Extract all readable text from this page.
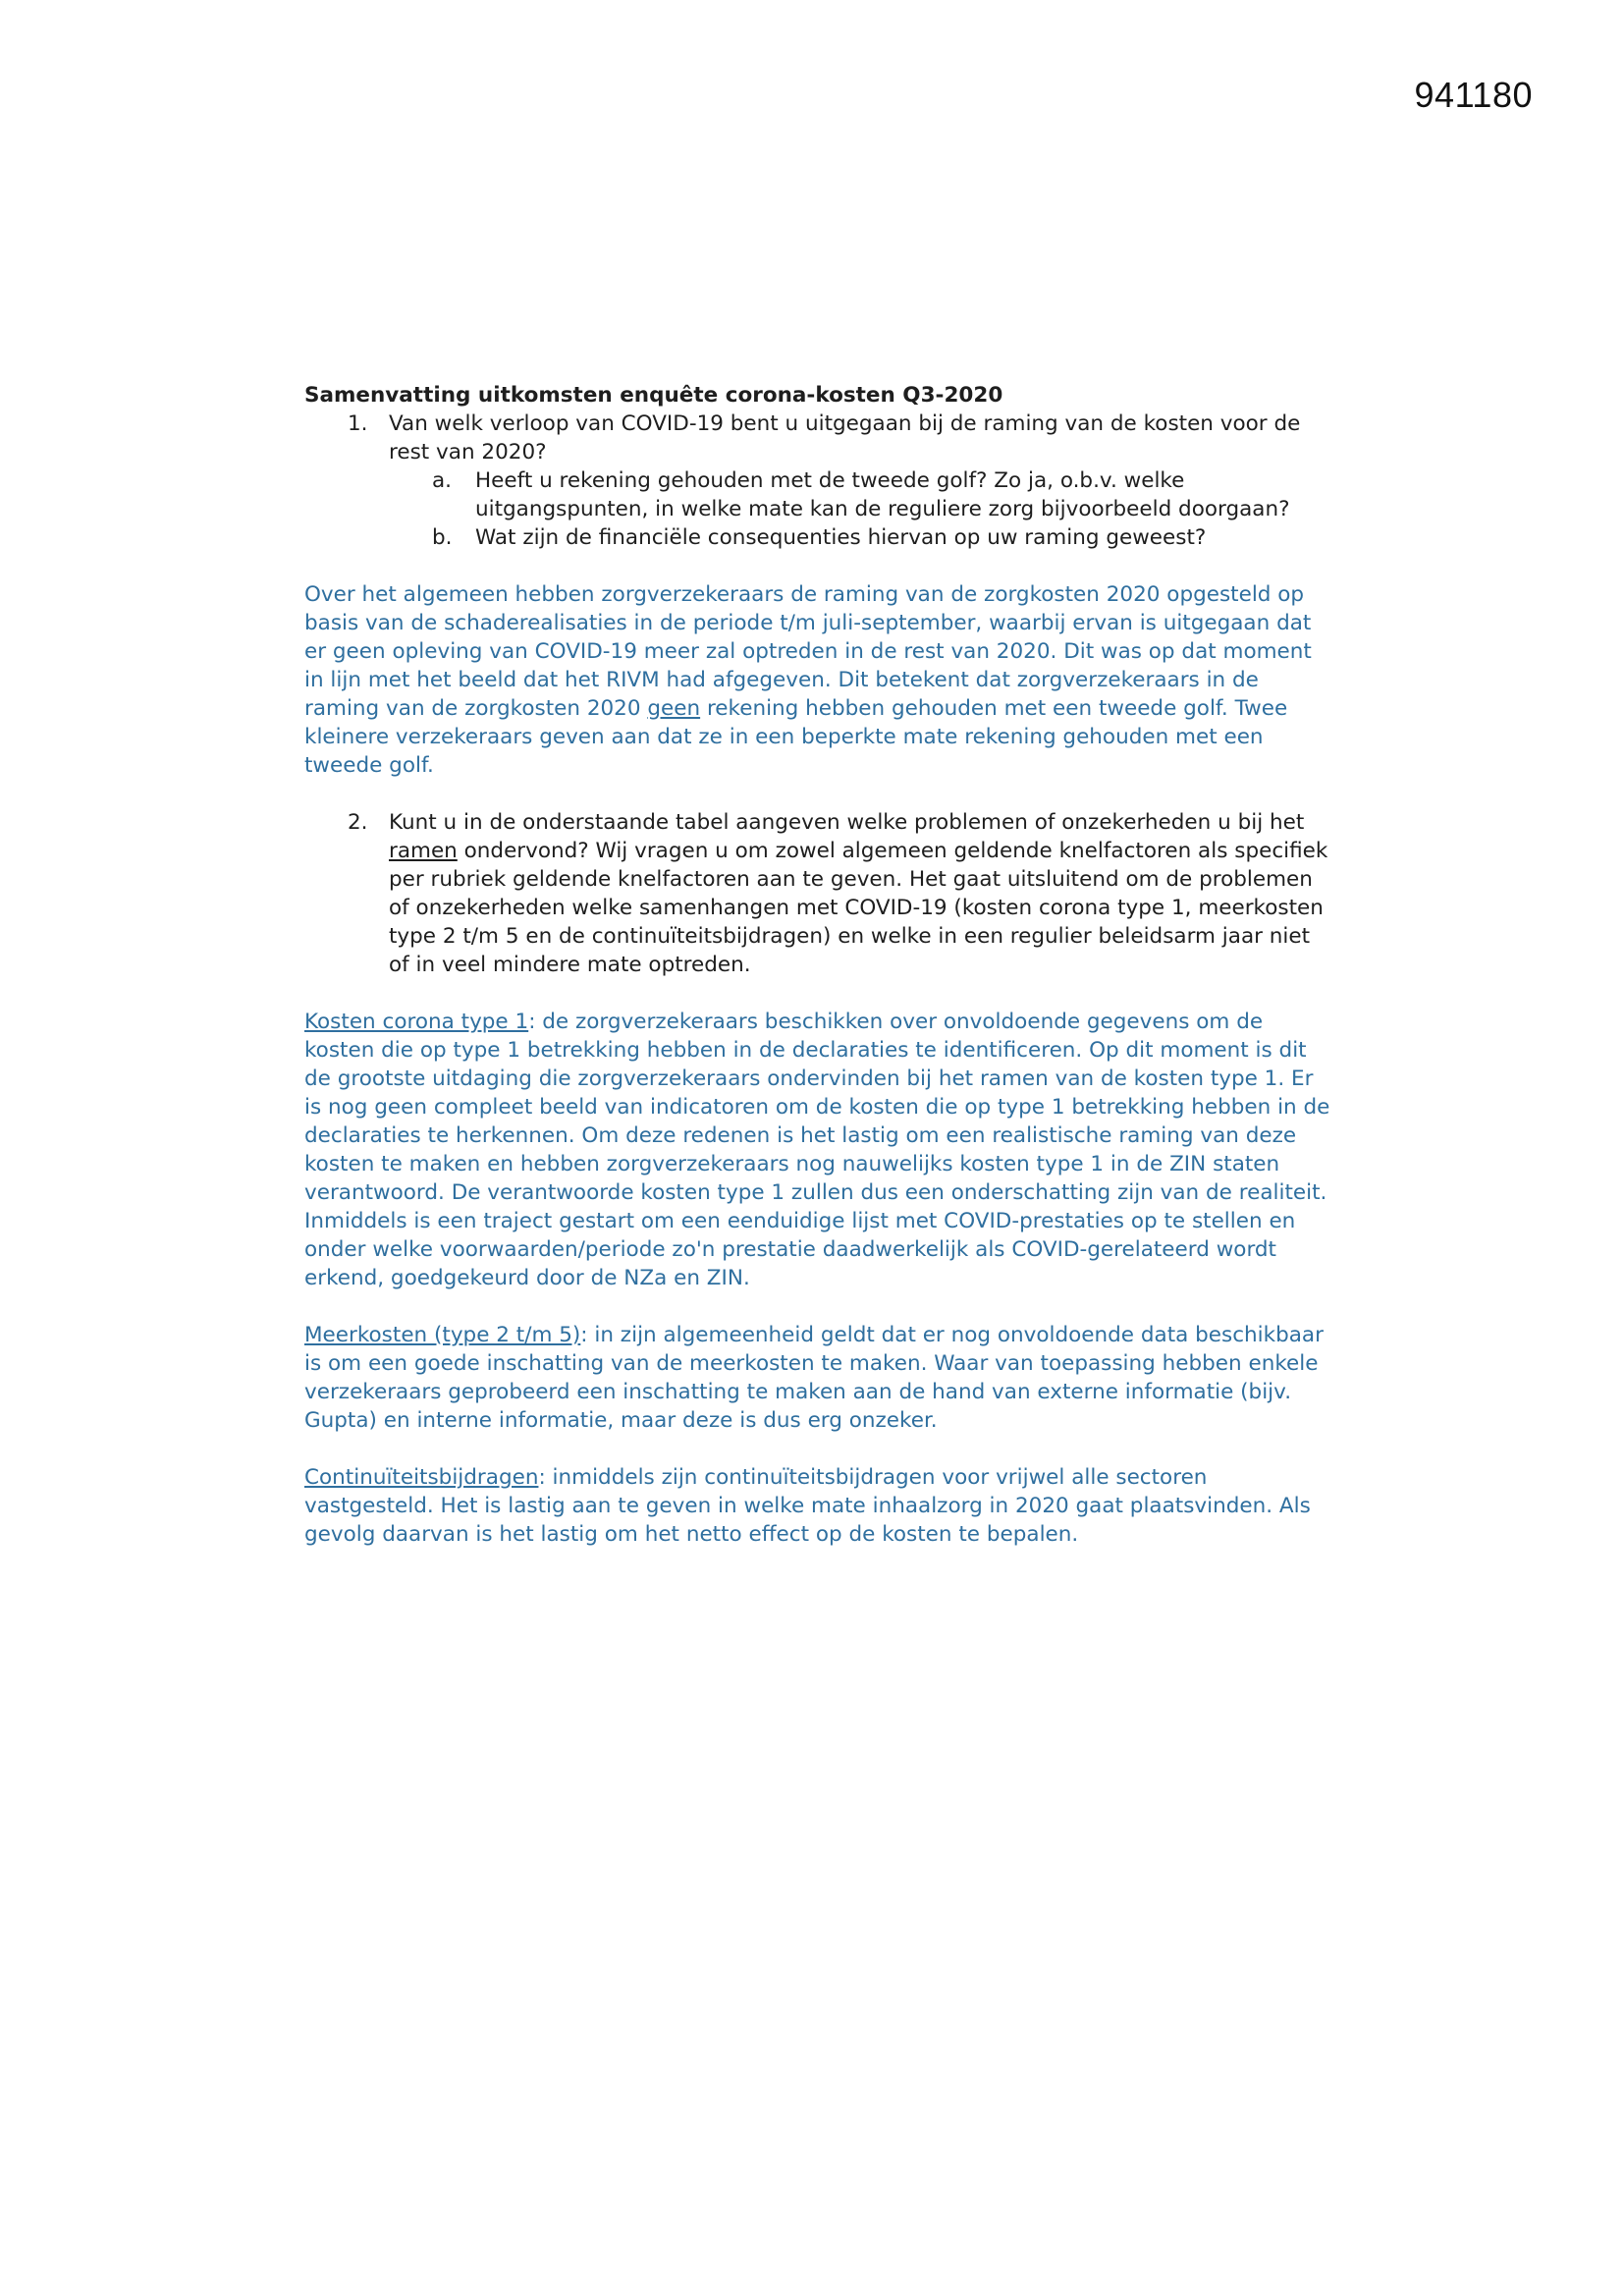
941180

Samenvatting uitkomsten enquête corona-kosten Q3-2020

1. Van welk verloop van COVID-19 bent u uitgegaan bij de raming van de kosten voor de rest van 2020?
a. Heeft u rekening gehouden met de tweede golf? Zo ja, o.b.v. welke uitgangspunten, in welke mate kan de reguliere zorg bijvoorbeeld doorgaan?
b. Wat zijn de financiële consequenties hiervan op uw raming geweest?

Over het algemeen hebben zorgverzekeraars de raming van de zorgkosten 2020 opgesteld op basis van de schaderealisaties in de periode t/m juli-september, waarbij ervan is uitgegaan dat er geen opleving van COVID-19 meer zal optreden in de rest van 2020. Dit was op dat moment in lijn met het beeld dat het RIVM had afgegeven. Dit betekent dat zorgverzekeraars in de raming van de zorgkosten 2020 geen rekening hebben gehouden met een tweede golf. Twee kleinere verzekeraars geven aan dat ze in een beperkte mate rekening gehouden met een tweede golf.

2. Kunt u in de onderstaande tabel aangeven welke problemen of onzekerheden u bij het ramen ondervond? Wij vragen u om zowel algemeen geldende knelfactoren als specifiek per rubriek geldende knelfactoren aan te geven. Het gaat uitsluitend om de problemen of onzekerheden welke samenhangen met COVID-19 (kosten corona type 1, meerkosten type 2 t/m 5 en de continuïteitsbijdragen) en welke in een regulier beleidsarm jaar niet of in veel mindere mate optreden.

Kosten corona type 1: de zorgverzekeraars beschikken over onvoldoende gegevens om de kosten die op type 1 betrekking hebben in de declaraties te identificeren. Op dit moment is dit de grootste uitdaging die zorgverzekeraars ondervinden bij het ramen van de kosten type 1. Er is nog geen compleet beeld van indicatoren om de kosten die op type 1 betrekking hebben in de declaraties te herkennen. Om deze redenen is het lastig om een realistische raming van deze kosten te maken en hebben zorgverzekeraars nog nauwelijks kosten type 1 in de ZIN staten verantwoord. De verantwoorde kosten type 1 zullen dus een onderschatting zijn van de realiteit. Inmiddels is een traject gestart om een eenduidige lijst met COVID-prestaties op te stellen en onder welke voorwaarden/periode zo'n prestatie daadwerkelijk als COVID-gerelateerd wordt erkend, goedgekeurd door de NZa en ZIN.

Meerkosten (type 2 t/m 5): in zijn algemeenheid geldt dat er nog onvoldoende data beschikbaar is om een goede inschatting van de meerkosten te maken. Waar van toepassing hebben enkele verzekeraars geprobeerd een inschatting te maken aan de hand van externe informatie (bijv. Gupta) en interne informatie, maar deze is dus erg onzeker.

Continuïteitsbijdragen: inmiddels zijn continuïteitsbijdragen voor vrijwel alle sectoren vastgesteld. Het is lastig aan te geven in welke mate inhaalzorg in 2020 gaat plaatsvinden. Als gevolg daarvan is het lastig om het netto effect op de kosten te bepalen.
